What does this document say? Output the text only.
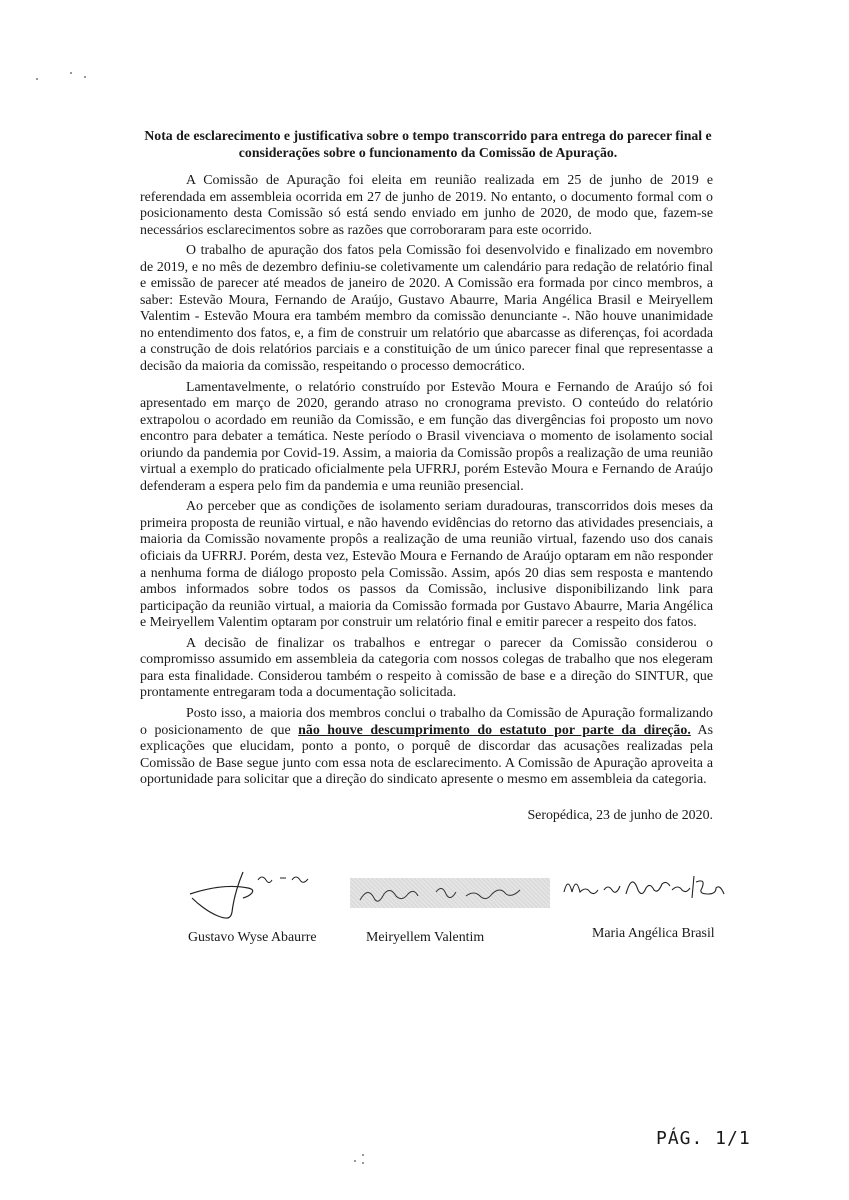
Nota de esclarecimento e justificativa sobre o tempo transcorrido para entrega do parecer final e considerações sobre o funcionamento da Comissão de Apuração.

A Comissão de Apuração foi eleita em reunião realizada em 25 de junho de 2019 e referendada em assembleia ocorrida em 27 de junho de 2019. No entanto, o documento formal com o posicionamento desta Comissão só está sendo enviado em junho de 2020, de modo que, fazem-se necessários esclarecimentos sobre as razões que corroboraram para este ocorrido.

O trabalho de apuração dos fatos pela Comissão foi desenvolvido e finalizado em novembro de 2019, e no mês de dezembro definiu-se coletivamente um calendário para redação de relatório final e emissão de parecer até meados de janeiro de 2020. A Comissão era formada por cinco membros, a saber: Estevão Moura, Fernando de Araújo, Gustavo Abaurre, Maria Angélica Brasil e Meiryellem Valentim - Estevão Moura era também membro da comissão denunciante -. Não houve unanimidade no entendimento dos fatos, e, a fim de construir um relatório que abarcasse as diferenças, foi acordada a construção de dois relatórios parciais e a constituição de um único parecer final que representasse a decisão da maioria da comissão, respeitando o processo democrático.

Lamentavelmente, o relatório construído por Estevão Moura e Fernando de Araújo só foi apresentado em março de 2020, gerando atraso no cronograma previsto. O conteúdo do relatório extrapolou o acordado em reunião da Comissão, e em função das divergências foi proposto um novo encontro para debater a temática. Neste período o Brasil vivenciava o momento de isolamento social oriundo da pandemia por Covid-19. Assim, a maioria da Comissão propôs a realização de uma reunião virtual a exemplo do praticado oficialmente pela UFRRJ, porém Estevão Moura e Fernando de Araújo defenderam a espera pelo fim da pandemia e uma reunião presencial.

Ao perceber que as condições de isolamento seriam duradouras, transcorridos dois meses da primeira proposta de reunião virtual, e não havendo evidências do retorno das atividades presenciais, a maioria da Comissão novamente propôs a realização de uma reunião virtual, fazendo uso dos canais oficiais da UFRRJ. Porém, desta vez, Estevão Moura e Fernando de Araújo optaram em não responder a nenhuma forma de diálogo proposto pela Comissão. Assim, após 20 dias sem resposta e mantendo ambos informados sobre todos os passos da Comissão, inclusive disponibilizando link para participação da reunião virtual, a maioria da Comissão formada por Gustavo Abaurre, Maria Angélica e Meiryellem Valentim optaram por construir um relatório final e emitir parecer a respeito dos fatos.

A decisão de finalizar os trabalhos e entregar o parecer da Comissão considerou o compromisso assumido em assembleia da categoria com nossos colegas de trabalho que nos elegeram para esta finalidade. Considerou também o respeito à comissão de base e a direção do SINTUR, que prontamente entregaram toda a documentação solicitada.

Posto isso, a maioria dos membros conclui o trabalho da Comissão de Apuração formalizando o posicionamento de que não houve descumprimento do estatuto por parte da direção. As explicações que elucidam, ponto a ponto, o porquê de discordar das acusações realizadas pela Comissão de Base segue junto com essa nota de esclarecimento. A Comissão de Apuração aproveita a oportunidade para solicitar que a direção do sindicato apresente o mesmo em assembleia da categoria.

Seropédica, 23 de junho de 2020.
Gustavo Wyse Abaurre	Meiryellem Valentim	Maria Angélica Brasil
PÁG. 1/1
